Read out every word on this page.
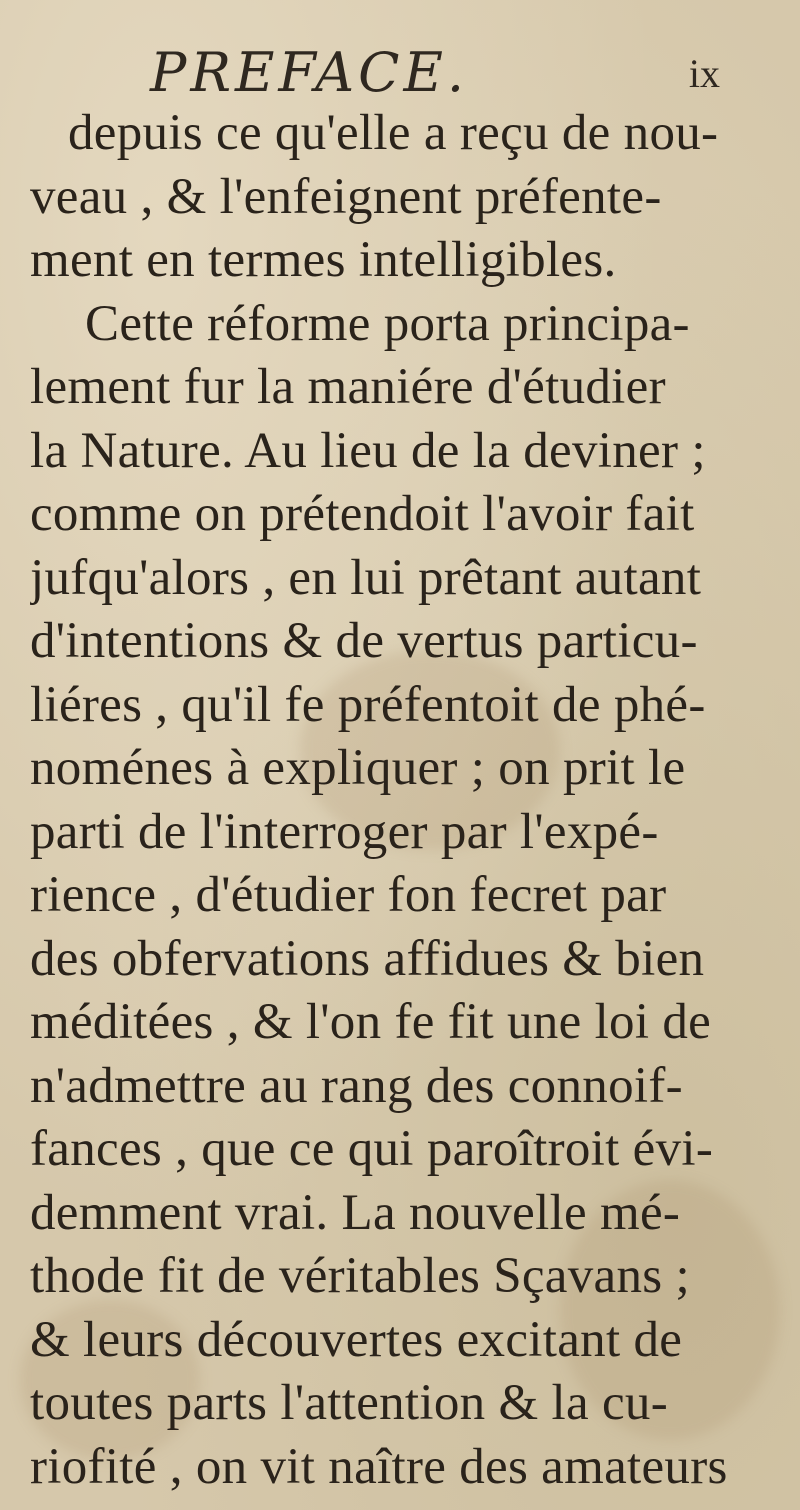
PREFACE.	ix
depuis ce qu'elle a reçu de nou-
veau , & l'enfeignent préfente-
ment en termes intelligibles.
Cette réforme porta principa-
lement fur la maniére d'étudier
la Nature. Au lieu de la deviner ;
comme on prétendoit l'avoir fait
jufqu'alors , en lui prêtant autant
d'intentions & de vertus particu-
liéres , qu'il fe préfentoit de phé-
noménes à expliquer ; on prit le
parti de l'interroger par l'expé-
rience , d'étudier fon fecret par
des obfervations affidues & bien
méditées , & l'on fe fit une loi de
n'admettre au rang des connoif-
fances , que ce qui paroîtroit évi-
demment vrai. La nouvelle mé-
thode fit de véritables Sçavans ;
& leurs découvertes excitant de
toutes parts l'attention & la cu-
riofité , on vit naître des amateurs
